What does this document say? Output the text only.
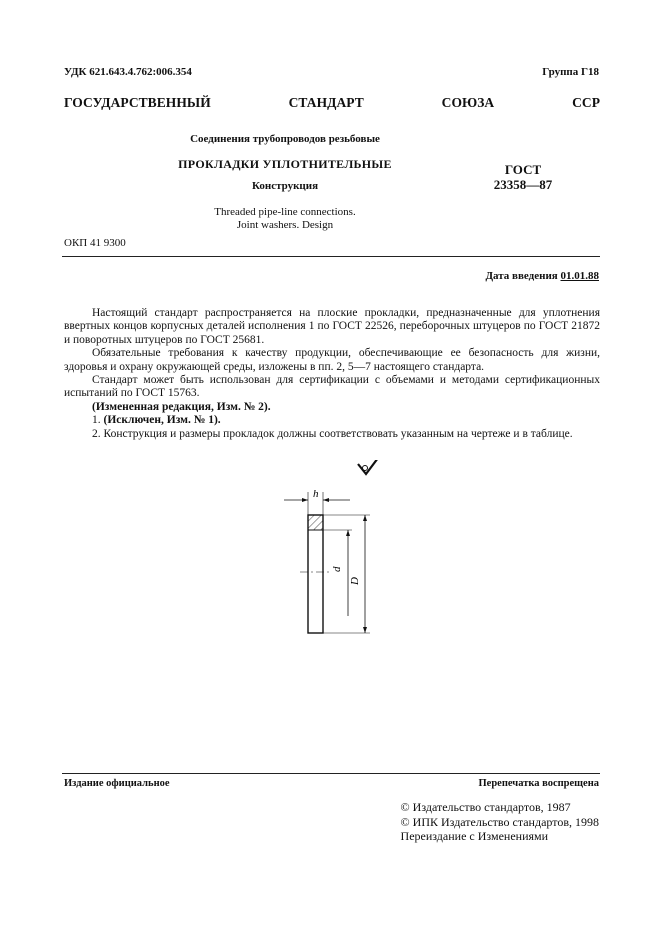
УДК 621.643.4.762:006.354	Группа Г18
ГОСУДАРСТВЕННЫЙ СТАНДАРТ СОЮЗА ССР
Соединения трубопроводов резьбовые
ПРОКЛАДКИ УПЛОТНИТЕЛЬНЫЕ
Конструкция
Threaded pipe-line connections.
Joint washers. Design
ГОСТ
23358—87
ОКП 41 9300
Дата введения 01.01.88

Настоящий стандарт распространяется на плоские прокладки, предназначенные для уплотнения ввертных концов корпусных деталей исполнения 1 по ГОСТ 22526, переборочных штуцеров по ГОСТ 21872 и поворотных штуцеров по ГОСТ 25681.

Обязательные требования к качеству продукции, обеспечивающие ее безопасность для жизни, здоровья и охрану окружающей среды, изложены в пп. 2, 5—7 настоящего стандарта.

Стандарт может быть использован для сертификации с объемами и методами сертификационных испытаний по ГОСТ 15763.

(Измененная редакция, Изм. № 2).

1. (Исключен, Изм. № 1).

2. Конструкция и размеры прокладок должны соответствовать указанным на чертеже и в таблице.

h
d
D
Издание официальное	Перепечатка воспрещена
© Издательство стандартов, 1987
© ИПК Издательство стандартов, 1998
Переиздание с Изменениями
